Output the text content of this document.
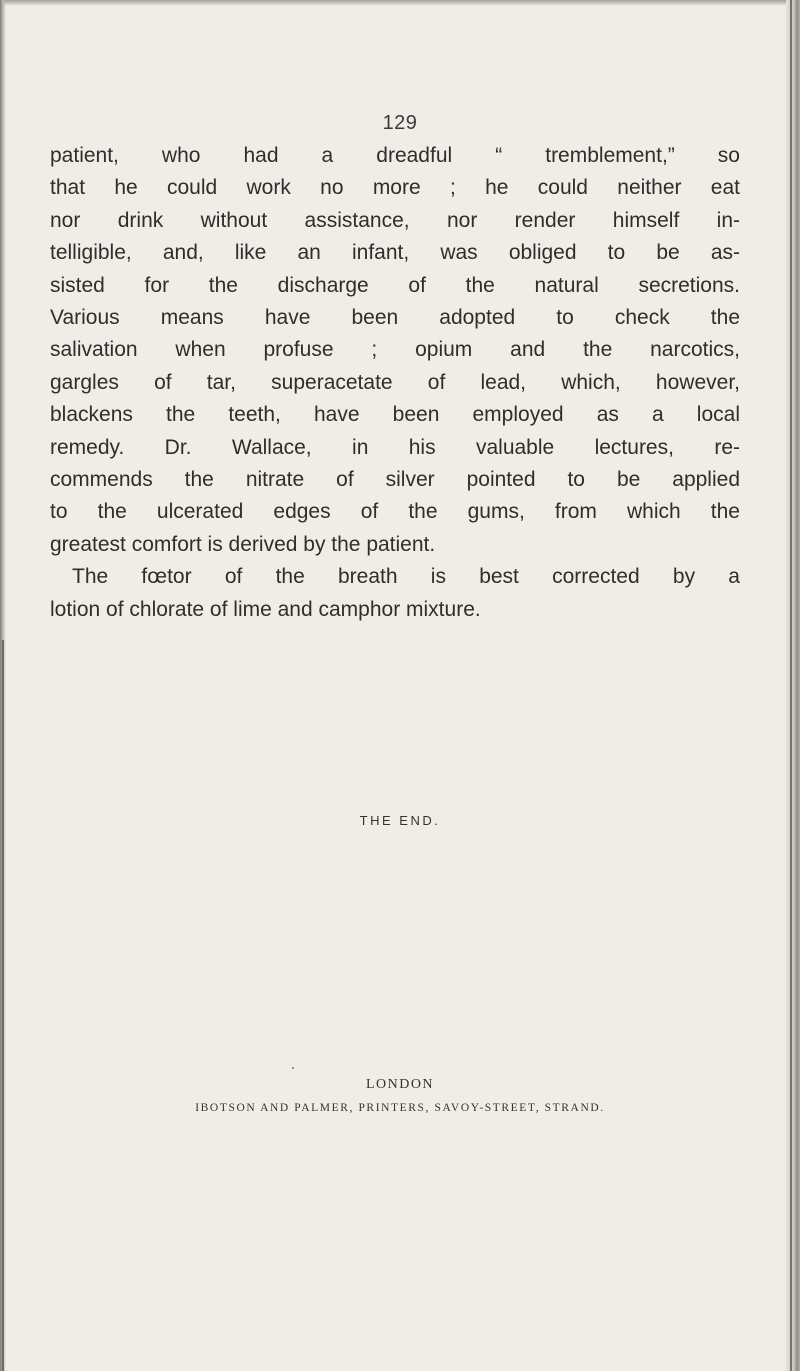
129
patient, who had a dreadful “ tremblement,” so
that he could work no more ; he could neither eat
nor drink without assistance, nor render himself in-
telligible, and, like an infant, was obliged to be as-
sisted for the discharge of the natural secretions.
Various means have been adopted to check the
salivation when profuse ; opium and the narcotics,
gargles of tar, superacetate of lead, which, however,
blackens the teeth, have been employed as a local
remedy. Dr. Wallace, in his valuable lectures, re-
commends the nitrate of silver pointed to be applied
to the ulcerated edges of the gums, from which the
greatest comfort is derived by the patient.
The fœtor of the breath is best corrected by a
lotion of chlorate of lime and camphor mixture.
THE END.
LONDON
IBOTSON AND PALMER, PRINTERS, SAVOY-STREET, STRAND.
